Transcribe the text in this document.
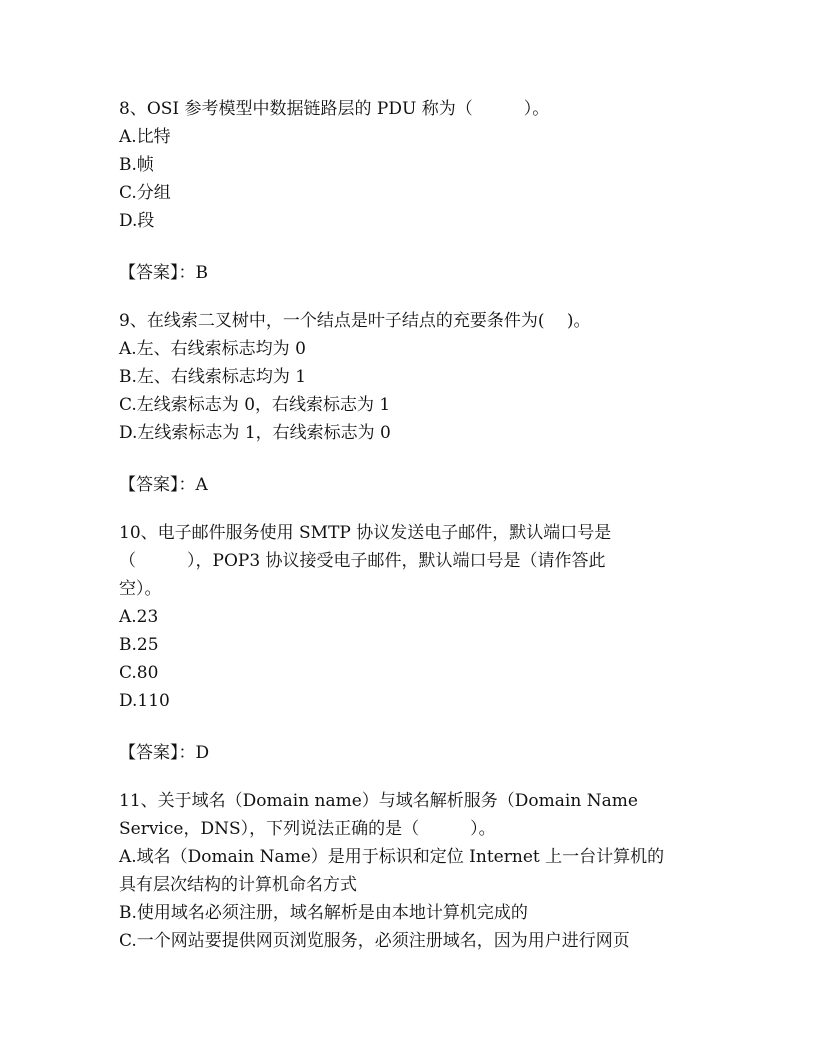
8、OSI 参考模型中数据链路层的 PDU 称为（　　　）。
A.比特
B.帧
C.分组
D.段
【答案】：B
9、在线索二叉树中，一个结点是叶子结点的充要条件为(　 )。
A.左、右线索标志均为 0
B.左、右线索标志均为 1
C.左线索标志为 0，右线索标志为 1
D.左线索标志为 1，右线索标志为 0
【答案】：A
10、电子邮件服务使用 SMTP 协议发送电子邮件，默认端口号是
（　　　），POP3 协议接受电子邮件，默认端口号是（请作答此
空）。
A.23
B.25
C.80
D.110
【答案】：D
11、关于域名（Domain name）与域名解析服务（Domain Name
Service，DNS），下列说法正确的是（　　　）。
A.域名（Domain Name）是用于标识和定位 Internet 上一台计算机的
具有层次结构的计算机命名方式
B.使用域名必须注册，域名解析是由本地计算机完成的
C.一个网站要提供网页浏览服务，必须注册域名，因为用户进行网页
